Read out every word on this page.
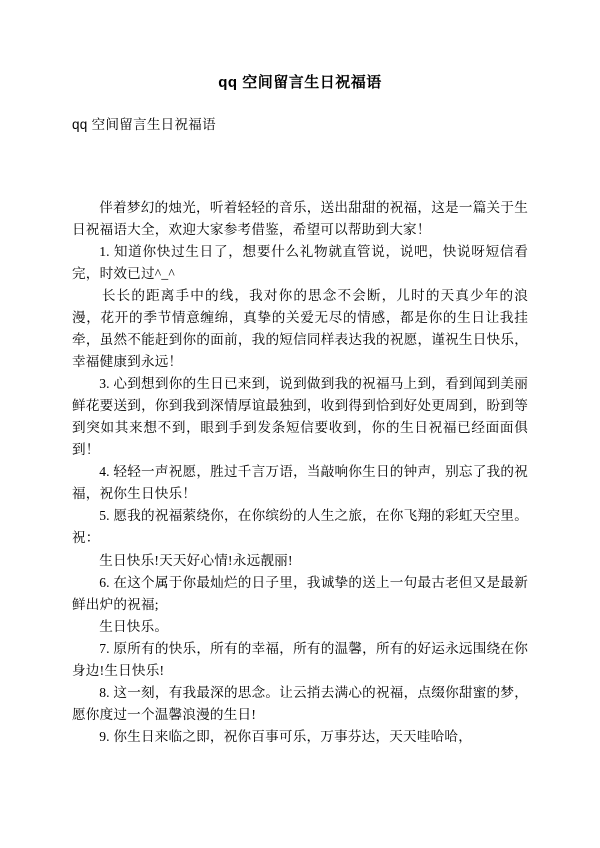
qq 空间留言生日祝福语
qq 空间留言生日祝福语

伴着梦幻的烛光，听着轻轻的音乐，送出甜甜的祝福，这是一篇关于生日祝福语大全，欢迎大家参考借鉴，希望可以帮助到大家！

1. 知道你快过生日了，想要什么礼物就直管说，说吧，快说呀短信看完，时效已过^_^

长长的距离手中的线，我对你的思念不会断，儿时的天真少年的浪漫，花开的季节情意缠绵，真挚的关爱无尽的情感，都是你的生日让我挂牵，虽然不能赶到你的面前，我的短信同样表达我的祝愿，谨祝生日快乐，幸福健康到永远！

3. 心到想到你的生日已来到，说到做到我的祝福马上到，看到闻到美丽鲜花要送到，你到我到深情厚谊最独到，收到得到恰到好处更周到，盼到等到突如其来想不到，眼到手到发条短信要收到，你的生日祝福已经面面俱到！

4. 轻轻一声祝愿，胜过千言万语，当敲响你生日的钟声，别忘了我的祝福，祝你生日快乐！

5. 愿我的祝福萦绕你，在你缤纷的人生之旅，在你飞翔的彩虹天空里。祝：

生日快乐!天天好心情!永远靓丽!

6. 在这个属于你最灿烂的日子里，我诚挚的送上一句最古老但又是最新鲜出炉的祝福;

生日快乐。

7. 原所有的快乐，所有的幸福，所有的温馨，所有的好运永远围绕在你身边!生日快乐!

8. 这一刻，有我最深的思念。让云捎去满心的祝福，点缀你甜蜜的梦，愿你度过一个温馨浪漫的生日!

9. 你生日来临之即，祝你百事可乐，万事芬达，天天哇哈哈，
